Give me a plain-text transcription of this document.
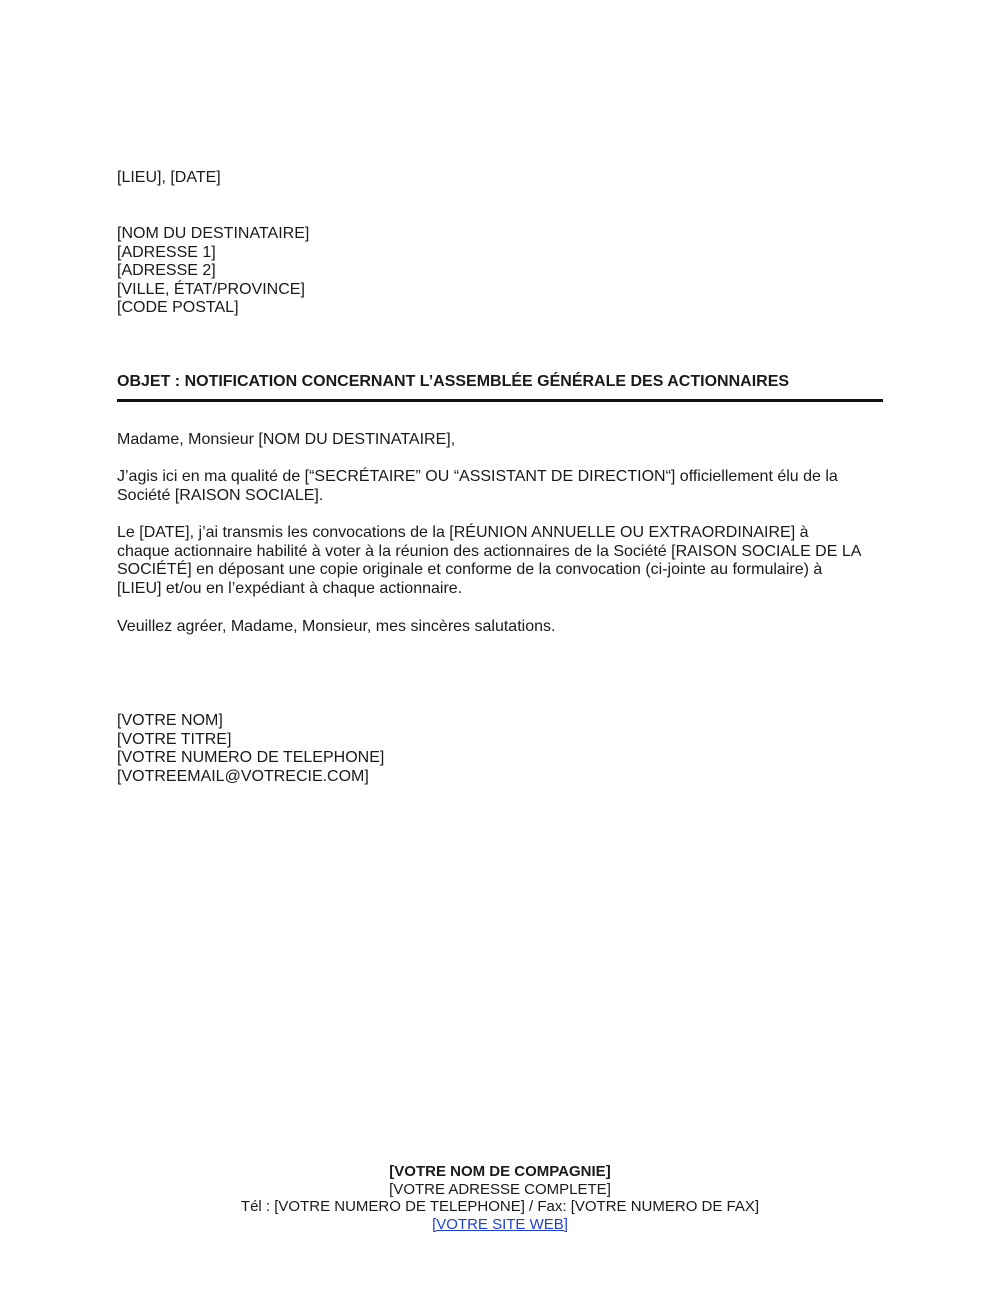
[LIEU], [DATE]
[NOM DU DESTINATAIRE]
[ADRESSE 1]
[ADRESSE 2]
[VILLE, ÉTAT/PROVINCE]
[CODE POSTAL]
OBJET : NOTIFICATION CONCERNANT L’ASSEMBLÉE GÉNÉRALE DES ACTIONNAIRES
Madame, Monsieur [NOM DU DESTINATAIRE],
J’agis ici en ma qualité de [“SECRÉTAIRE” OU “ASSISTANT DE DIRECTION“] officiellement élu de la
Société [RAISON SOCIALE].
Le [DATE], j’ai transmis les convocations de la [RÉUNION ANNUELLE OU EXTRAORDINAIRE] à
chaque actionnaire habilité à voter à la réunion des actionnaires de la Société [RAISON SOCIALE DE LA
SOCIÉTÉ] en déposant une copie originale et conforme de la convocation (ci-jointe au formulaire) à
[LIEU] et/ou en l’expédiant à chaque actionnaire.
Veuillez agréer, Madame, Monsieur, mes sincères salutations.
[VOTRE NOM]
[VOTRE TITRE]
[VOTRE NUMERO DE TELEPHONE]
[VOTREEMAIL@VOTRECIE.COM]
[VOTRE NOM DE COMPAGNIE]
[VOTRE ADRESSE COMPLETE]
Tél : [VOTRE NUMERO DE TELEPHONE] / Fax: [VOTRE NUMERO DE FAX]
[VOTRE SITE WEB]
